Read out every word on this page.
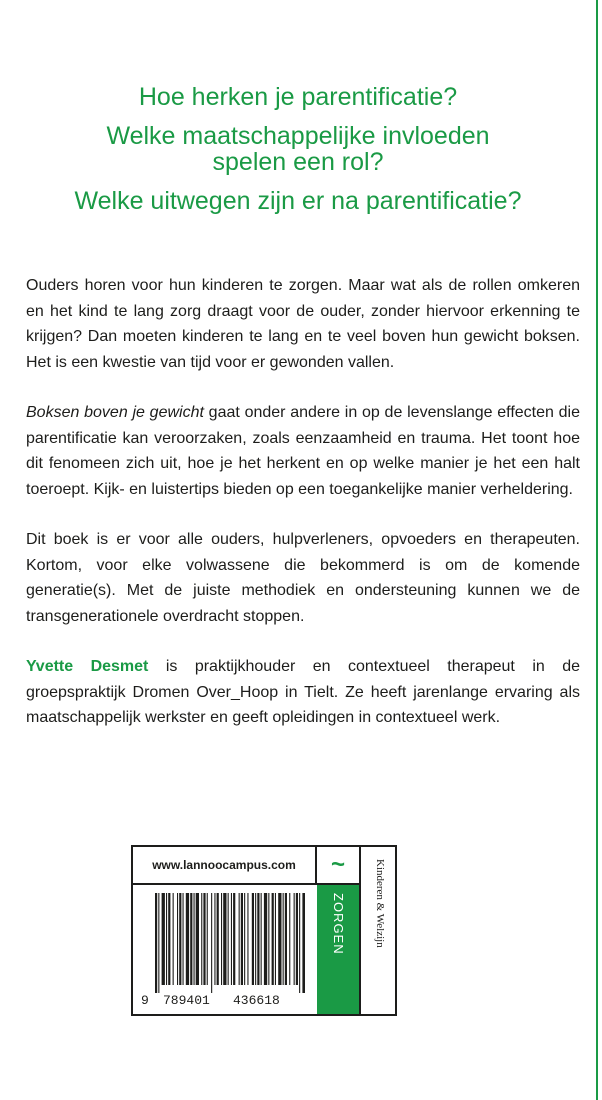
Hoe herken je parentificatie?
Welke maatschappelijke invloeden spelen een rol?
Welke uitwegen zijn er na parentificatie?

Ouders horen voor hun kinderen te zorgen. Maar wat als de rollen omkeren en het kind te lang zorg draagt voor de ouder, zonder hiervoor erkenning te krijgen? Dan moeten kinderen te lang en te veel boven hun gewicht boksen. Het is een kwestie van tijd voor er gewonden vallen.

Boksen boven je gewicht gaat onder andere in op de levenslange effecten die parentificatie kan veroorzaken, zoals eenzaamheid en trauma. Het toont hoe dit fenomeen zich uit, hoe je het herkent en op welke manier je het een halt toeroept. Kijk- en luistertips bieden op een toegankelijke manier verheldering.

Dit boek is er voor alle ouders, hulpverleners, opvoeders en therapeuten. Kortom, voor elke volwassene die bekommerd is om de komende generatie(s). Met de juiste methodiek en ondersteuning kunnen we de transgenerationele overdracht stoppen.

Yvette Desmet is praktijkhouder en contextueel therapeut in de groepspraktijk Dromen Over_Hoop in Tielt. Ze heeft jarenlange ervaring als maatschappelijk werkster en geeft opleidingen in contextueel werk.

www.lannoocampus.com	~
ZORGEN	Kinderen & Welzijn
9 789401 436618
